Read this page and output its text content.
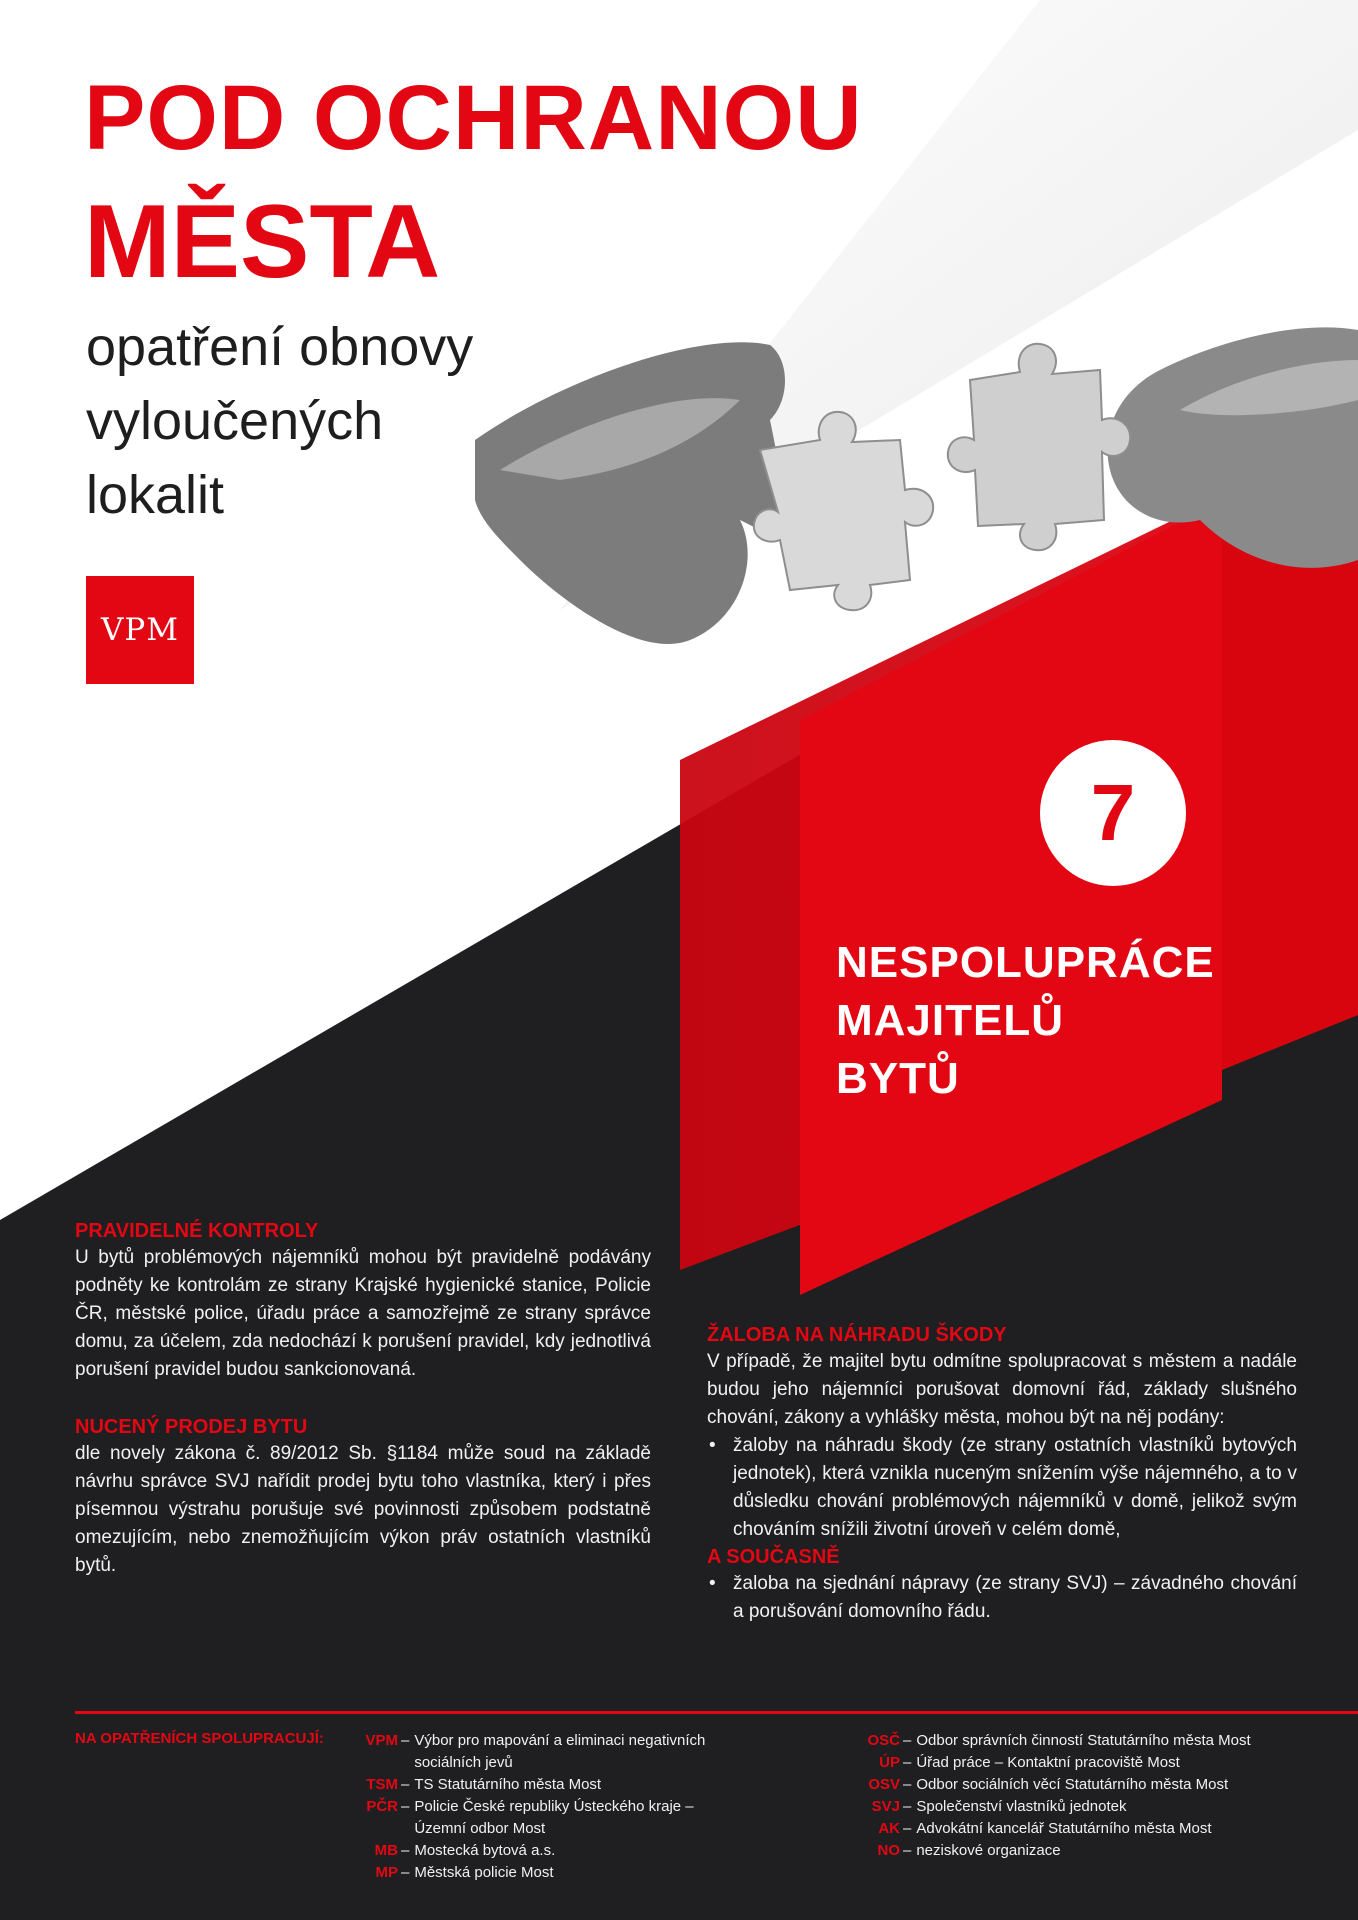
POD OCHRANOU
MĚSTA
opatření obnovy
vyloučených
lokalit
VPM
7
NESPOLUPRÁCE
MAJITELŮ
BYTŮ
PRAVIDELNÉ KONTROLY
U bytů problémových nájemníků mohou být pravidelně podávány podněty ke kontrolám ze strany Krajské hygienické stanice, Policie ČR, městské police, úřadu práce a samozřejmě ze strany správce domu, za účelem, zda nedochází k porušení pravidel, kdy jednotlivá porušení pravidel budou sankcionovaná.
NUCENÝ PRODEJ BYTU
dle novely zákona č. 89/2012 Sb. §1184 může soud na základě návrhu správce SVJ nařídit prodej bytu toho vlastníka, který i přes písemnou výstrahu porušuje své povinnosti způsobem podstatně omezujícím, nebo znemožňujícím výkon práv ostatních vlastníků bytů.
ŽALOBA NA NÁHRADU ŠKODY
V případě, že majitel bytu odmítne spolupracovat s městem a nadále budou jeho nájemníci porušovat domovní řád, základy slušného chování, zákony a vyhlášky města, mohou být na něj podány:
• žaloby na náhradu škody (ze strany ostatních vlastníků bytových jednotek), která vznikla nuceným snížením výše nájemného, a to v důsledku chování problémových nájemníků v domě, jelikož svým chováním snížili životní úroveň v celém domě,
A SOUČASNĚ
• žaloba na sjednání nápravy (ze strany SVJ) – závadného chování a porušování domovního řádu.
NA OPATŘENÍCH SPOLUPRACUJÍ:	VPM – Výbor pro mapování a eliminaci negativních sociálních jevů
TSM – TS Statutárního města Most
PČR – Policie České republiky Ústeckého kraje – Územní odbor Most
MB – Mostecká bytová a.s.
MP – Městská policie Most
OSČ – Odbor správních činností Statutárního města Most
ÚP – Úřad práce – Kontaktní pracoviště Most
OSV – Odbor sociálních věcí Statutárního města Most
SVJ – Společenství vlastníků jednotek
AK – Advokátní kancelář Statutárního města Most
NO – neziskové organizace
